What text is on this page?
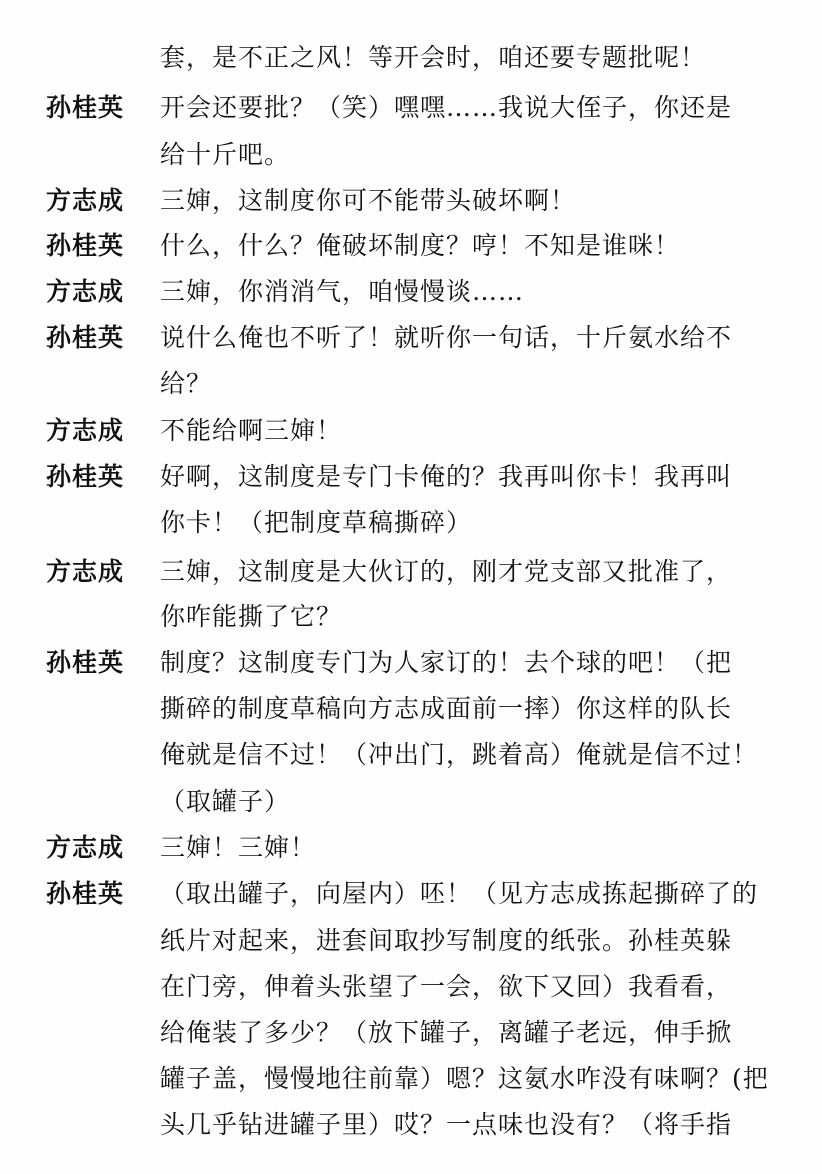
套，是不正之风！等开会时，咱还要专题批呢！
孙桂英 开会还要批？（笑）嘿嘿……我说大侄子，你还是
给十斤吧。
方志成 三婶，这制度你可不能带头破坏啊！
孙桂英 什么，什么？俺破坏制度？哼！不知是谁咪！
方志成 三婶，你消消气，咱慢慢谈……
孙桂英 说什么俺也不听了！就听你一句话，十斤氨水给不
给？
方志成 不能给啊三婶！
孙桂英 好啊，这制度是专门卡俺的？我再叫你卡！我再叫
你卡！（把制度草稿撕碎）
方志成 三婶，这制度是大伙订的，刚才党支部又批准了，
你咋能撕了它？
孙桂英 制度？这制度专门为人家订的！去个球的吧！（把
撕碎的制度草稿向方志成面前一摔）你这样的队长
俺就是信不过！（冲出门，跳着高）俺就是信不过！
（取罐子）
方志成 三婶！三婶！
孙桂英 （取出罐子，向屋内）呸！（见方志成拣起撕碎了的
纸片对起来，进套间取抄写制度的纸张。孙桂英躲
在门旁，伸着头张望了一会，欲下又回）我看看，
给俺装了多少？（放下罐子，离罐子老远，伸手掀
罐子盖，慢慢地往前靠）嗯？这氨水咋没有味啊？(把
头几乎钻进罐子里）哎？一点味也没有？（将手指
